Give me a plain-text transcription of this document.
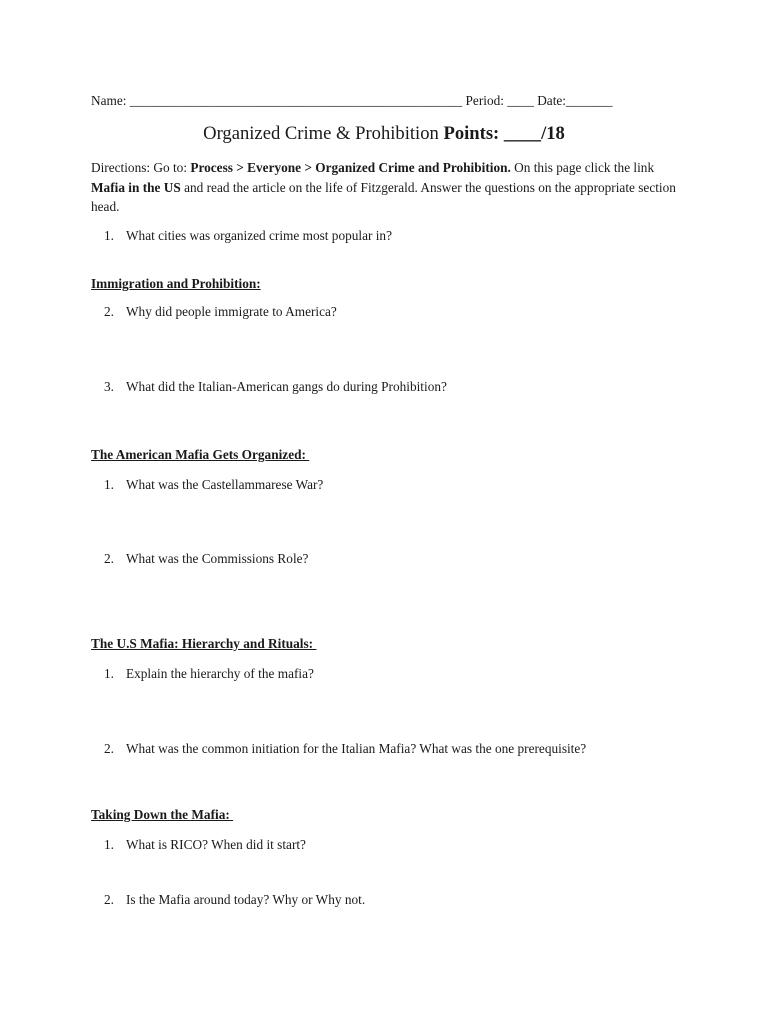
Name: __________________________________________________ Period: ____ Date:_______
Organized Crime & Prohibition Points: ____/18
Directions: Go to: Process > Everyone > Organized Crime and Prohibition. On this page click the link Mafia in the US and read the article on the life of Fitzgerald. Answer the questions on the appropriate section head.
1. What cities was organized crime most popular in?
Immigration and Prohibition:
2. Why did people immigrate to America?
3. What did the Italian-American gangs do during Prohibition?
The American Mafia Gets Organized:
1. What was the Castellammarese War?
2. What was the Commissions Role?
The U.S Mafia: Hierarchy and Rituals:
1. Explain the hierarchy of the mafia?
2. What was the common initiation for the Italian Mafia? What was the one prerequisite?
Taking Down the Mafia:
1. What is RICO? When did it start?
2. Is the Mafia around today? Why or Why not.
